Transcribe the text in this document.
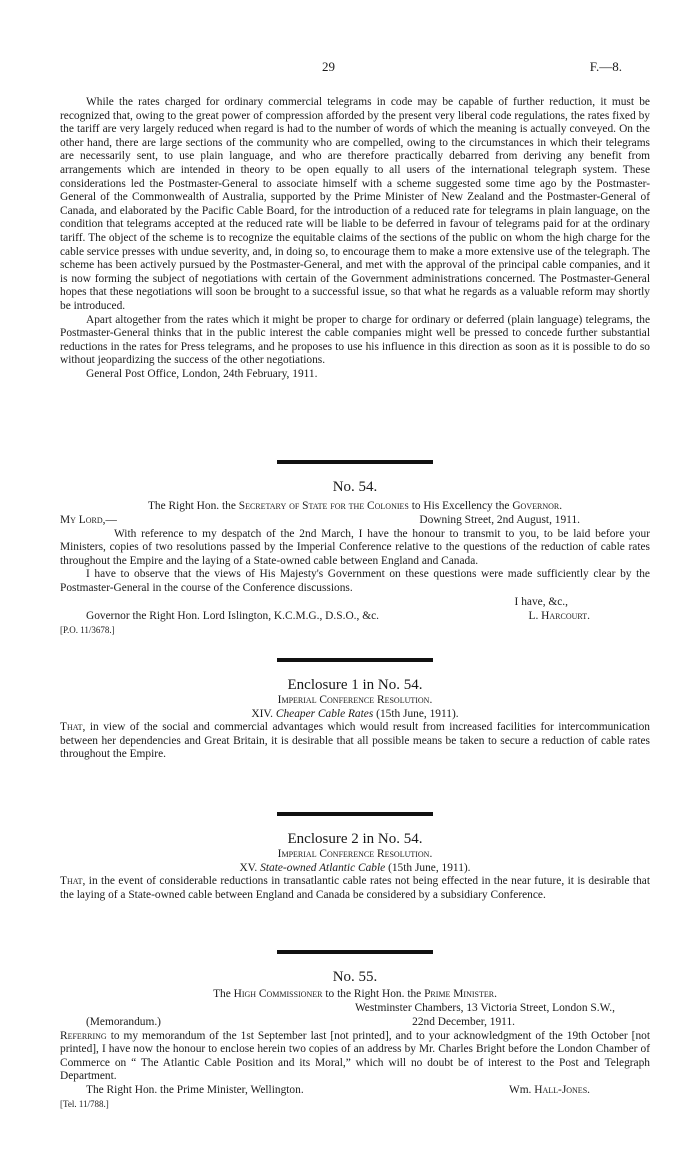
29	F.—8.

While the rates charged for ordinary commercial telegrams in code may be capable of further reduction, it must be recognized that, owing to the great power of compression afforded by the present very liberal code regulations, the rates fixed by the tariff are very largely reduced when regard is had to the number of words of which the meaning is actually conveyed. On the other hand, there are large sections of the community who are compelled, owing to the circumstances in which their telegrams are necessarily sent, to use plain language, and who are therefore practically debarred from deriving any benefit from arrangements which are intended in theory to be open equally to all users of the international telegraph system. These considerations led the Postmaster-General to associate himself with a scheme suggested some time ago by the Postmaster-General of the Commonwealth of Australia, supported by the Prime Minister of New Zealand and the Postmaster-General of Canada, and elaborated by the Pacific Cable Board, for the introduction of a reduced rate for telegrams in plain language, on the condition that telegrams accepted at the reduced rate will be liable to be deferred in favour of telegrams paid for at the ordinary tariff. The object of the scheme is to recognize the equitable claims of the sections of the public on whom the high charge for the cable service presses with undue severity, and, in doing so, to encourage them to make a more extensive use of the telegraph. The scheme has been actively pursued by the Postmaster-General, and met with the approval of the principal cable companies, and it is now forming the subject of negotiations with certain of the Government administrations concerned. The Postmaster-General hopes that these negotiations will soon be brought to a successful issue, so that what he regards as a valuable reform may shortly be introduced.

Apart altogether from the rates which it might be proper to charge for ordinary or deferred (plain language) telegrams, the Postmaster-General thinks that in the public interest the cable companies might well be pressed to concede further substantial reductions in the rates for Press telegrams, and he proposes to use his influence in this direction as soon as it is possible to do so without jeopardizing the success of the other negotiations.

General Post Office, London, 24th February, 1911.

No. 54.

The Right Hon. the Secretary of State for the Colonies to His Excellency the Governor.

My Lord,—	Downing Street, 2nd August, 1911.

With reference to my despatch of the 2nd March, I have the honour to transmit to you, to be laid before your Ministers, copies of two resolutions passed by the Imperial Conference relative to the questions of the reduction of cable rates throughout the Empire and the laying of a State-owned cable between England and Canada.

I have to observe that the views of His Majesty's Government on these questions were made sufficiently clear by the Postmaster-General in the course of the Conference discussions.

I have, &c.,
Governor the Right Hon. Lord Islington, K.C.M.G., D.S.O., &c.	L. Harcourt.
[P.O. 11/3678.]
Enclosure 1 in No. 54.

Imperial Conference Resolution.

XIV. Cheaper Cable Rates (15th June, 1911).

That, in view of the social and commercial advantages which would result from increased facilities for intercommunication between her dependencies and Great Britain, it is desirable that all possible means be taken to secure a reduction of cable rates throughout the Empire.

Enclosure 2 in No. 54.

Imperial Conference Resolution.

XV. State-owned Atlantic Cable (15th June, 1911).

That, in the event of considerable reductions in transatlantic cable rates not being effected in the near future, it is desirable that the laying of a State-owned cable between England and Canada be considered by a subsidiary Conference.

No. 55.

The High Commissioner to the Right Hon. the Prime Minister.

Westminster Chambers, 13 Victoria Street, London S.W.,
(Memorandum.)	22nd December, 1911.

Referring to my memorandum of the 1st September last [not printed], and to your acknowledgment of the 19th October [not printed], I have now the honour to enclose herein two copies of an address by Mr. Charles Bright before the London Chamber of Commerce on “ The Atlantic Cable Position and its Moral,” which will no doubt be of interest to the Post and Telegraph Department.

The Right Hon. the Prime Minister, Wellington.	Wm. Hall-Jones.
[Tel. 11/788.]
